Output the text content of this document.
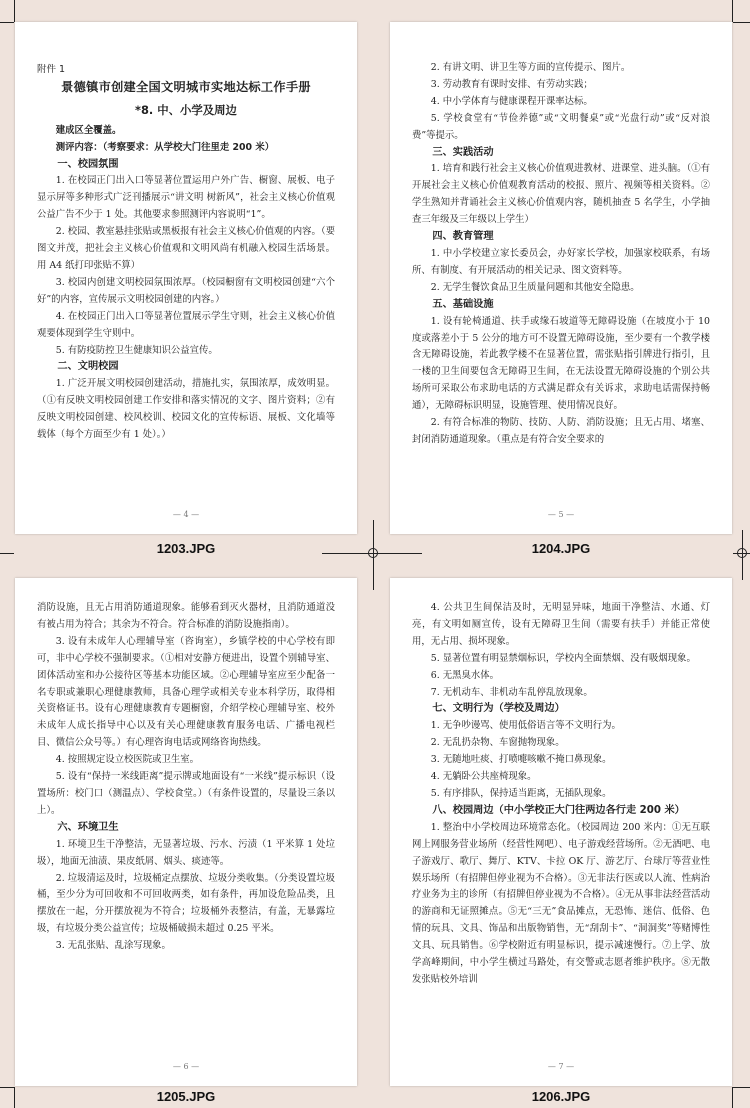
附件 1

景德镇市创建全国文明城市实地达标工作手册
*8. 中、小学及周边

建成区全覆盖。

测评内容：（考察要求：从学校大门往里走 200 米）

一、校园氛围

1. 在校园正门出入口等显著位置运用户外广告、橱窗、展板、电子显示屏等多种形式广泛刊播展示“讲文明 树新风”，社会主义核心价值观公益广告不少于 1 处。其他要求参照测评内容说明“1”。

2. 校园、教室悬挂张贴或黑板报有社会主义核心价值观的内容。（要图文并茂，把社会主义核心价值观和文明风尚有机融入校园生活场景。用 A4 纸打印张贴不算）

3. 校园内创建文明校园氛围浓厚。（校园橱窗有文明校园创建“六个好”的内容，宣传展示文明校园创建的内容。）

4. 在校园正门出入口等显著位置展示学生守则，社会主义核心价值观要体现到学生守则中。

5. 有防疫防控卫生健康知识公益宣传。

二、文明校园

1. 广泛开展文明校园创建活动，措施扎实，氛围浓厚，成效明显。（①有反映文明校园创建工作安排和落实情况的文字、图片资料；②有反映文明校园创建、校风校训、校园文化的宣传标语、展板、文化墙等载体（每个方面至少有 1 处）。）

— 4 —
1203.JPG

2. 有讲文明、讲卫生等方面的宣传提示、图片。

3. 劳动教育有课时安排、有劳动实践；

4. 中小学体育与健康课程开课率达标。

5. 学校食堂有“节俭养德”或“文明餐桌”或“光盘行动”或“反对浪费”等提示。

三、实践活动

1. 培育和践行社会主义核心价值观进教材、进课堂、进头脑。（①有开展社会主义核心价值观教育活动的校报、照片、视频等相关资料。②学生熟知并背诵社会主义核心价值观内容，随机抽查 5 名学生，小学抽查三年级及三年级以上学生）

四、教育管理

1. 中小学校建立家长委员会，办好家长学校，加强家校联系，有场所、有制度、有开展活动的相关记录、图文资料等。

2. 无学生餐饮食品卫生质量问题和其他安全隐患。

五、基础设施

1. 设有轮椅通道、扶手或缘石坡道等无障碍设施（在坡度小于 10 度或落差小于 5 公分的地方可不设置无障碍设施，至少要有一个教学楼含无障碍设施，若此教学楼不在显著位置，需张贴指引牌进行指引，且一楼的卫生间要包含无障碍卫生间，在无法设置无障碍设施的个别公共场所可采取公布求助电话的方式满足群众有关诉求，求助电话需保持畅通），无障碍标识明显，设施管理、使用情况良好。

2. 有符合标准的物防、技防、人防、消防设施；且无占用、堵塞、封闭消防通道现象。（重点是有符合安全要求的

— 5 —
1204.JPG

消防设施，且无占用消防通道现象。能够看到灭火器材，且消防通道没有被占用为符合；其余为不符合。符合标准的消防设施指南）。

3. 设有未成年人心理辅导室（咨询室），乡镇学校的中心学校有即可，非中心学校不强制要求。（①相对安静方便进出，设置个别辅导室、团体活动室和办公接待区等基本功能区域。②心理辅导室应至少配备一名专职或兼职心理健康教师，具备心理学或相关专业本科学历，取得相关资格证书。设有心理健康教育专题橱窗，介绍学校心理辅导室、校外未成年人成长指导中心以及有关心理健康教育服务电话、广播电视栏目、微信公众号等。）有心理咨询电话或网络咨询热线。

4. 按照规定设立校医院或卫生室。

5. 设有“保持一米线距离”提示牌或地面设有“一米线”提示标识（设置场所：校门口（测温点）、学校食堂。）（有条件设置的，尽量设三条以上）。

六、环境卫生

1. 环境卫生干净整洁，无显著垃圾、污水、污渍（1 平米算 1 处垃圾），地面无油渍、果皮纸屑、烟头、痰迹等。

2. 垃圾清运及时，垃圾桶定点摆放、垃圾分类收集。（分类设置垃圾桶，至少分为可回收和不可回收两类，如有条件，再加设危险品类，且摆放在一起，分开摆放视为不符合；垃圾桶外表整洁，有盖，无暴露垃圾，有垃圾分类公益宣传；垃圾桶破损未超过 0.25 平米。

3. 无乱张贴、乱涂写现象。

— 6 —
1205.JPG

4. 公共卫生间保洁及时，无明显异味，地面干净整洁、水通、灯亮，有文明如厕宣传，设有无障碍卫生间（需要有扶手）并能正常使用，无占用、损坏现象。

5. 显著位置有明显禁烟标识，学校内全面禁烟、没有吸烟现象。

6. 无黑臭水体。

7. 无机动车、非机动车乱停乱放现象。

七、文明行为（学校及周边）

1. 无争吵谩骂、使用低俗语言等不文明行为。

2. 无乱扔杂物、车窗抛物现象。

3. 无随地吐痰、打喷嚏咳嗽不掩口鼻现象。

4. 无躺卧公共座椅现象。

5. 有序排队，保持适当距离，无插队现象。

八、校园周边（中小学校正大门往两边各行走 200 米）

1. 整治中小学校周边环境常态化。（校园周边 200 米内：①无互联网上网服务营业场所（经营性网吧）、电子游戏经营场所。②无酒吧、电子游戏厅、歌厅、舞厅、KTV、卡拉 OK 厅、游艺厅、台球厅等营业性娱乐场所（有招牌但停业视为不合格）。③无非法行医或以人流、性病治疗业务为主的诊所（有招牌但停业视为不合格）。④无从事非法经营活动的游商和无证照摊点。⑤无“三无”食品摊点，无恐怖、迷信、低俗、色情的玩具、文具、饰品和出版物销售，无“刮刮卡”、“洞洞奖”等赌博性文具、玩具销售。⑥学校附近有明显标识，提示减速慢行。⑦上学、放学高峰期间，中小学生横过马路处，有交警或志愿者维护秩序。⑧无散发张贴校外培训

— 7 —
1206.JPG
